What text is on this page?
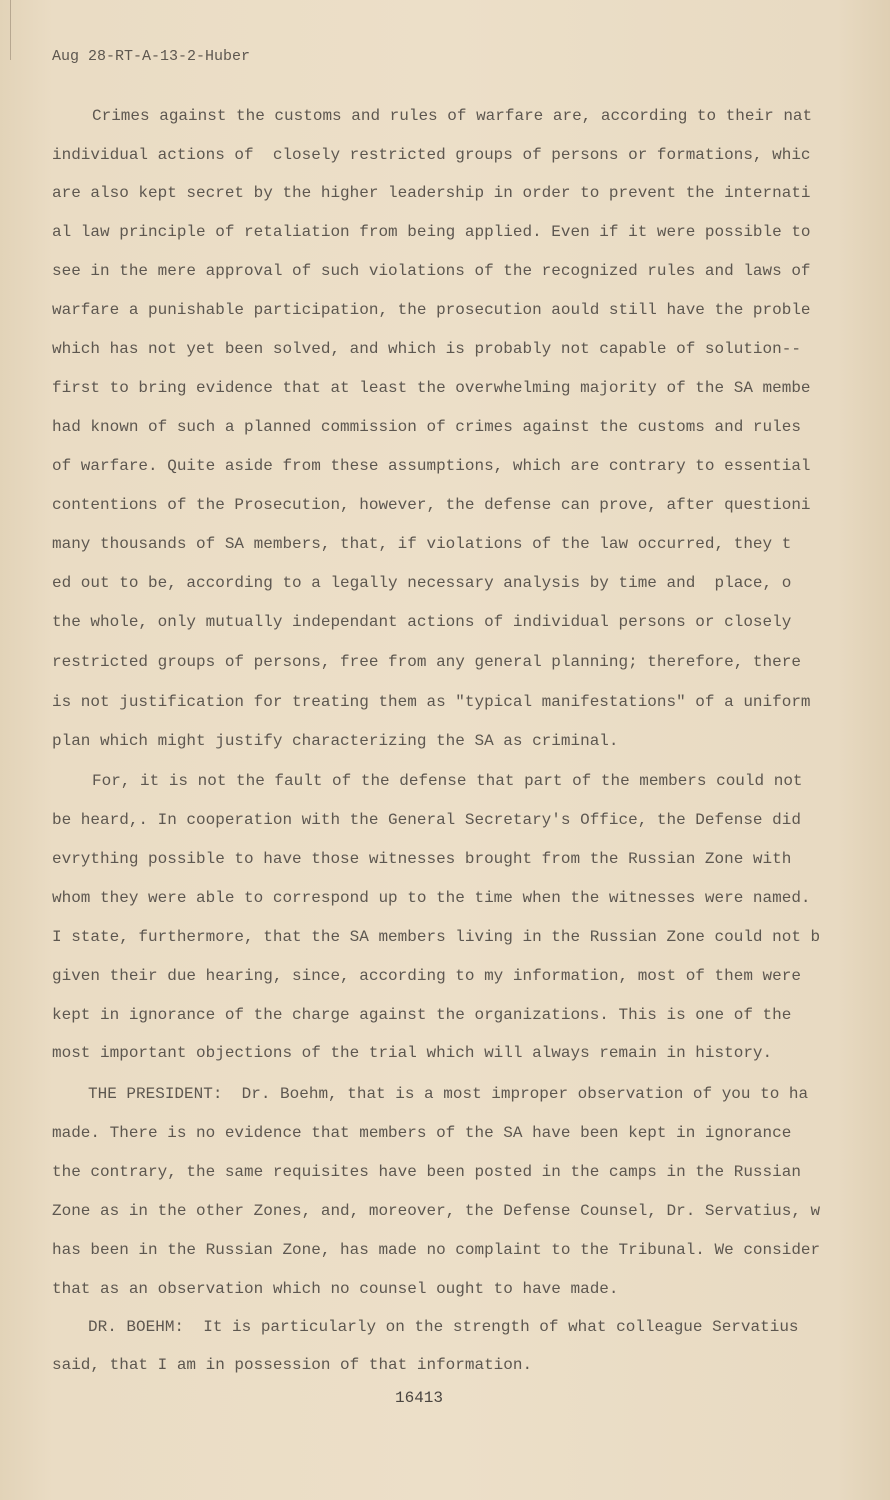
Aug 28-RT-A-13-2-Huber
Crimes against the customs and rules of warfare are, according to their nat
individual actions of  closely restricted groups of persons or formations, whic
are also kept secret by the higher leadership in order to prevent the internati
al law principle of retaliation from being applied. Even if it were possible to
see in the mere approval of such violations of the recognized rules and laws of
warfare a punishable participation, the prosecution aould still have the proble
which has not yet been solved, and which is probably not capable of solution--
first to bring evidence that at least the overwhelming majority of the SA membe
had known of such a planned commission of crimes against the customs and rules
of warfare. Quite aside from these assumptions, which are contrary to essential
contentions of the Prosecution, however, the defense can prove, after questioni
many thousands of SA members, that, if violations of the law occurred, they t
ed out to be, according to a legally necessary analysis by time and  place, o
the whole, only mutually independant actions of individual persons or closely
restricted groups of persons, free from any general planning; therefore, there
is not justification for treating them as "typical manifestations" of a uniform
plan which might justify characterizing the SA as criminal.
For, it is not the fault of the defense that part of the members could not
be heard,. In cooperation with the General Secretary's Office, the Defense did
evrything possible to have those witnesses brought from the Russian Zone with
whom they were able to correspond up to the time when the witnesses were named.
I state, furthermore, that the SA members living in the Russian Zone could not b
given their due hearing, since, according to my information, most of them were
kept in ignorance of the charge against the organizations. This is one of the
most important objections of the trial which will always remain in history.
THE PRESIDENT:  Dr. Boehm, that is a most improper observation of you to ha
made. There is no evidence that members of the SA have been kept in ignorance
the contrary, the same requisites have been posted in the camps in the Russian
Zone as in the other Zones, and, moreover, the Defense Counsel, Dr. Servatius, w
has been in the Russian Zone, has made no complaint to the Tribunal. We consider
that as an observation which no counsel ought to have made.
DR. BOEHM:  It is particularly on the strength of what colleague Servatius
said, that I am in possession of that information.
16413
